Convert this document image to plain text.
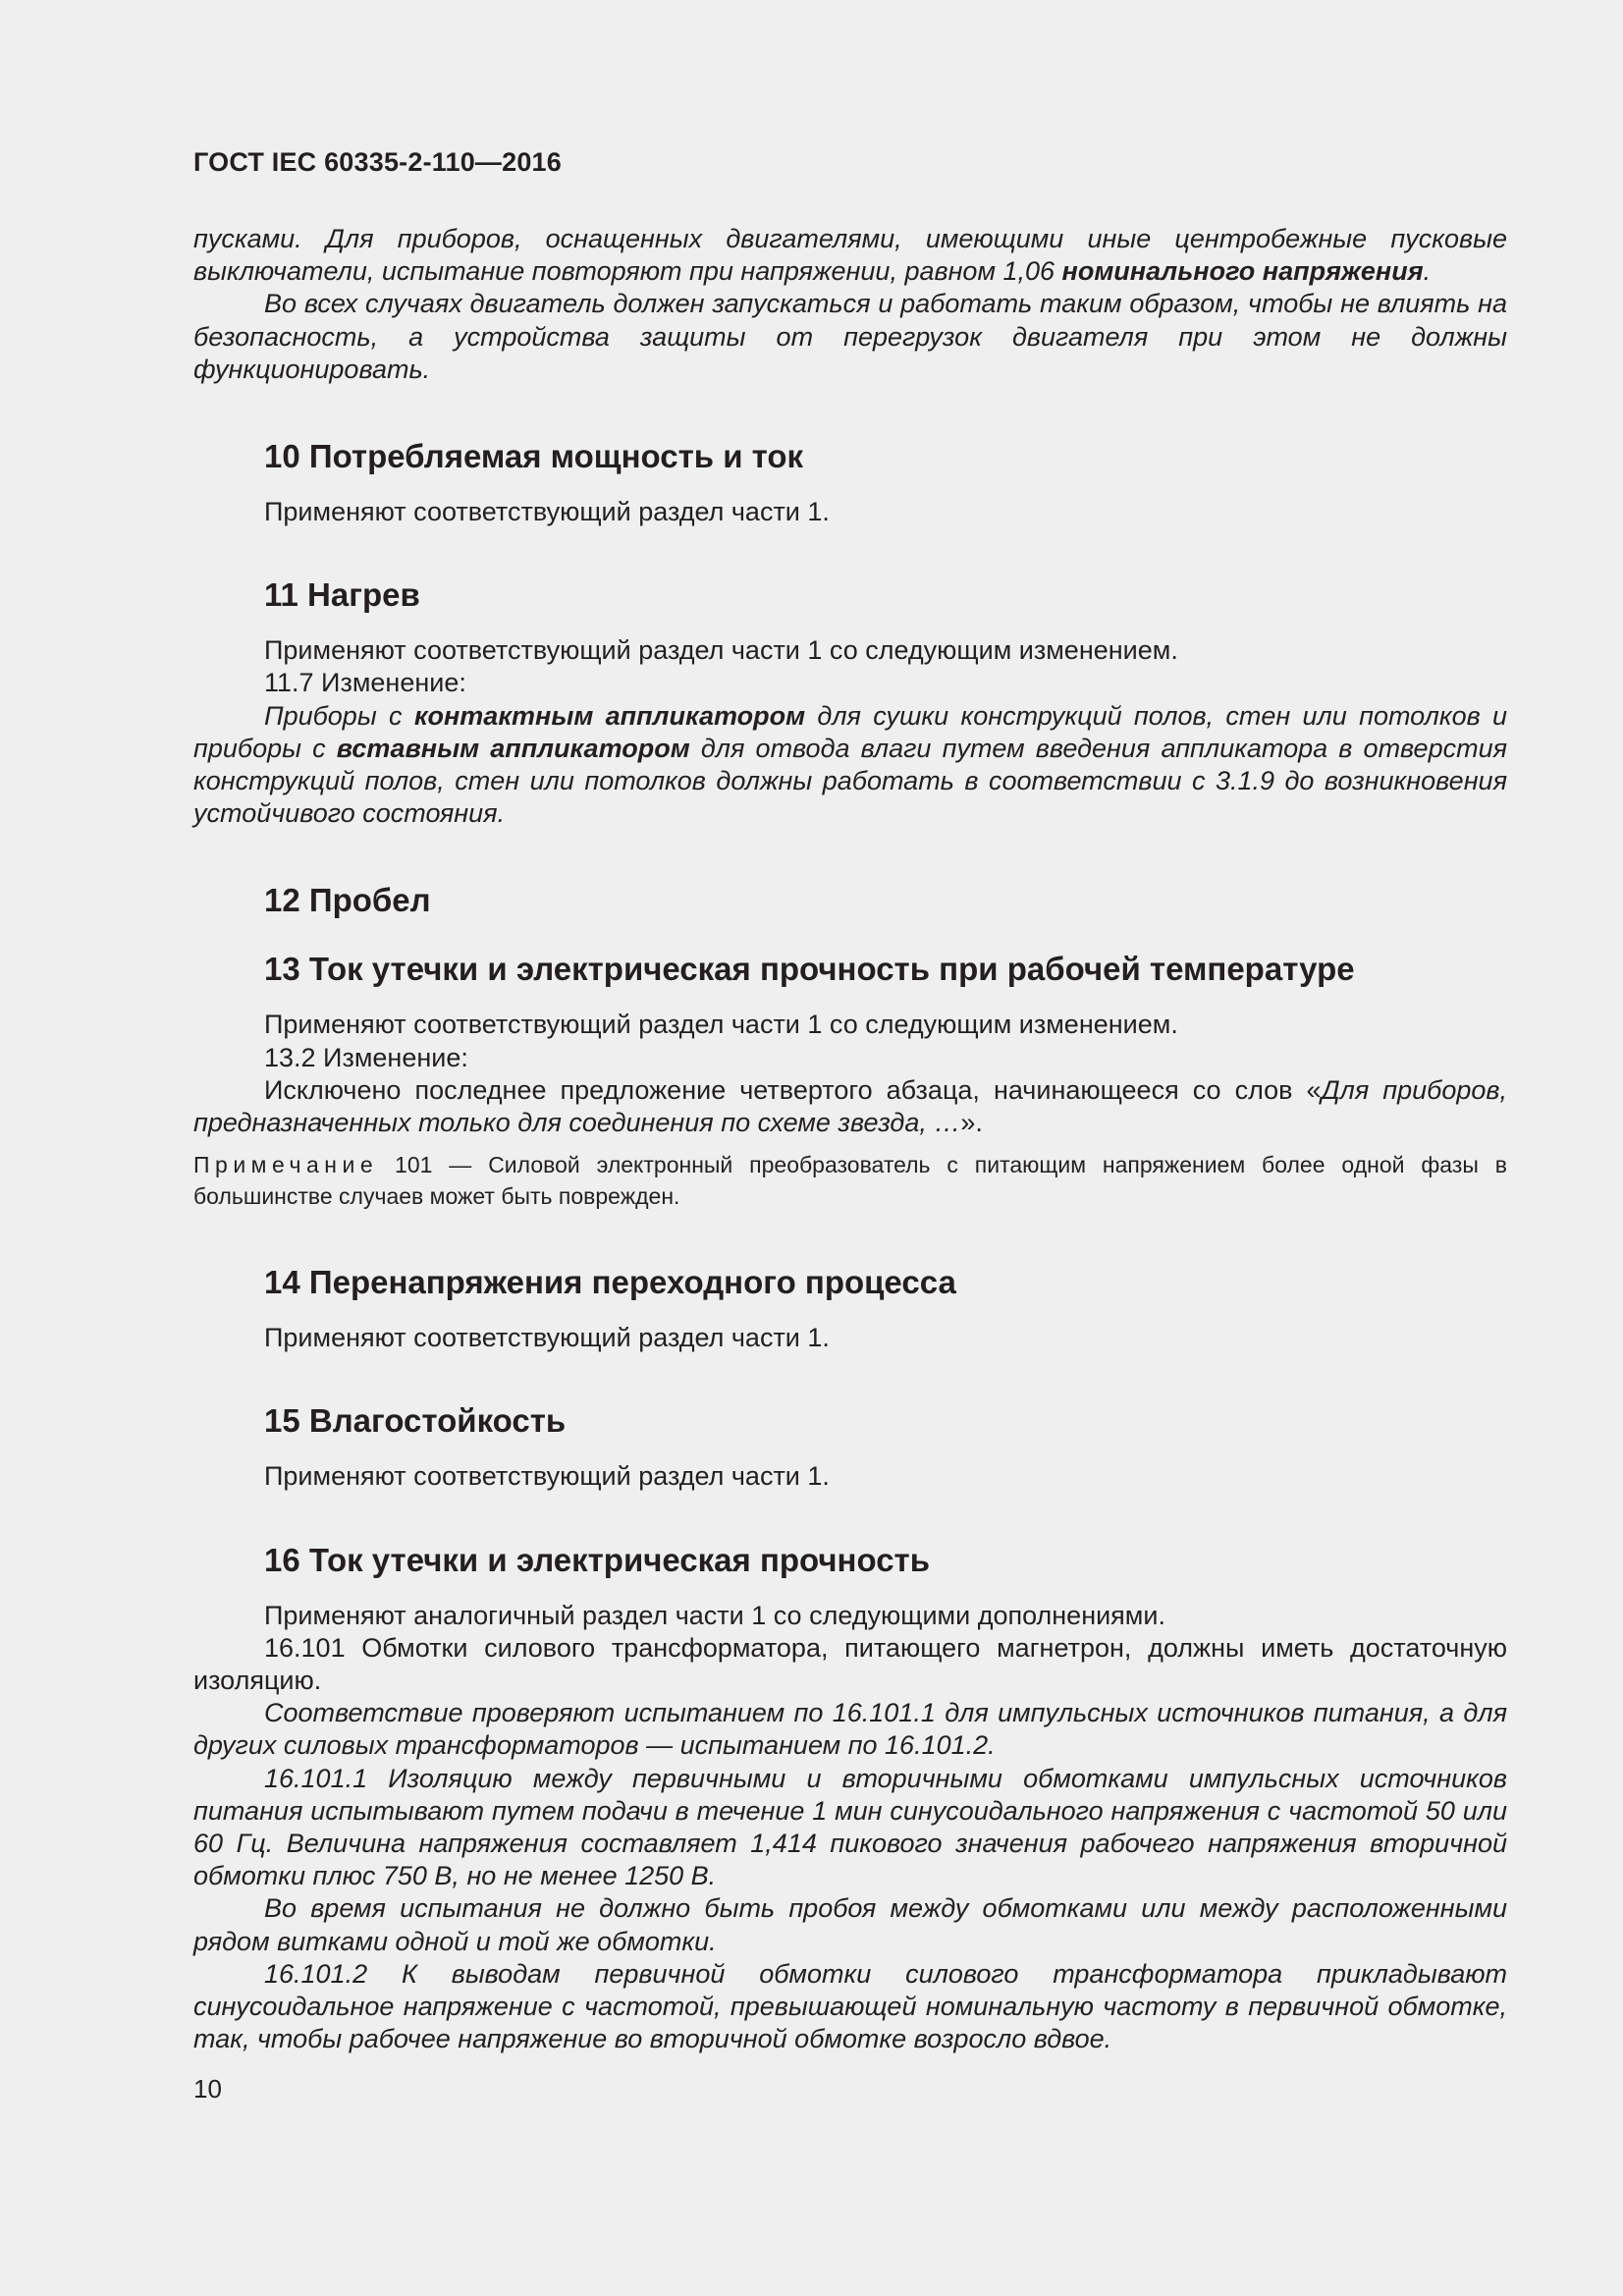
ГОСТ IEC 60335-2-110—2016

пусками. Для приборов, оснащенных двигателями, имеющими иные центробежные пусковые выключатели, испытание повторяют при напряжении, равном 1,06 номинального напряжения.

Во всех случаях двигатель должен запускаться и работать таким образом, чтобы не влиять на безопасность, а устройства защиты от перегрузок двигателя при этом не должны функционировать.

10 Потребляемая мощность и ток

Применяют соответствующий раздел части 1.

11 Нагрев

Применяют соответствующий раздел части 1 со следующим изменением.

11.7 Изменение:

Приборы с контактным аппликатором для сушки конструкций полов, стен или потолков и приборы с вставным аппликатором для отвода влаги путем введения аппликатора в отверстия конструкций полов, стен или потолков должны работать в соответствии с 3.1.9 до возникновения устойчивого состояния.

12 Пробел
13 Ток утечки и электрическая прочность при рабочей температуре

Применяют соответствующий раздел части 1 со следующим изменением.

13.2 Изменение:

Исключено последнее предложение четвертого абзаца, начинающееся со слов «Для приборов, предназначенных только для соединения по схеме звезда, …».

Примечание 101 — Силовой электронный преобразователь с питающим напряжением более одной фазы в большинстве случаев может быть поврежден.

14 Перенапряжения переходного процесса

Применяют соответствующий раздел части 1.

15 Влагостойкость

Применяют соответствующий раздел части 1.

16 Ток утечки и электрическая прочность

Применяют аналогичный раздел части 1 со следующими дополнениями.

16.101 Обмотки силового трансформатора, питающего магнетрон, должны иметь достаточную изоляцию.

Соответствие проверяют испытанием по 16.101.1 для импульсных источников питания, а для других силовых трансформаторов — испытанием по 16.101.2.

16.101.1 Изоляцию между первичными и вторичными обмотками импульсных источников питания испытывают путем подачи в течение 1 мин синусоидального напряжения с частотой 50 или 60 Гц. Величина напряжения составляет 1,414 пикового значения рабочего напряжения вторичной обмотки плюс 750 В, но не менее 1250 В.

Во время испытания не должно быть пробоя между обмотками или между расположенными рядом витками одной и той же обмотки.

16.101.2 К выводам первичной обмотки силового трансформатора прикладывают синусоидальное напряжение с частотой, превышающей номинальную частоту в первичной обмотке, так, чтобы рабочее напряжение во вторичной обмотке возросло вдвое.

10
